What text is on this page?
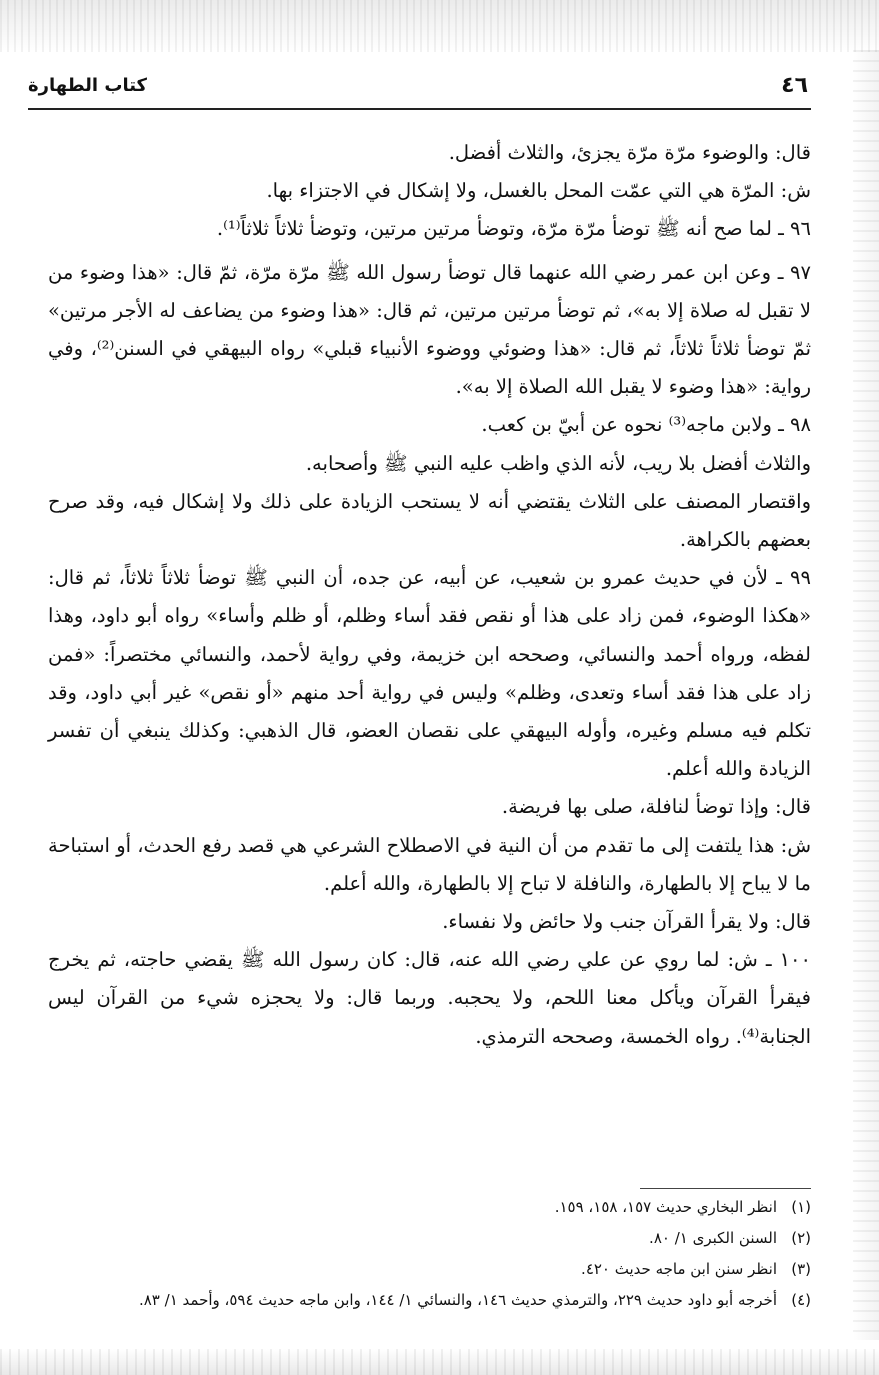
٤٦
كتاب الطهارة

قال: والوضوء مرّة مرّة يجزئ، والثلاث أفضل.

ش: المرّة هي التي عمّت المحل بالغسل، ولا إشكال في الاجتزاء بها.

٩٦ ـ لما صح أنه ﷺ توضأ مرّة مرّة، وتوضأ مرتين مرتين، وتوضأ ثلاثاً ثلاثاً⁽¹⁾.

٩٧ ـ وعن ابن عمر رضي الله عنهما قال توضأ رسول الله ﷺ مرّة مرّة، ثمّ قال: «هذا وضوء من لا تقبل له صلاة إلا به»، ثم توضأ مرتين مرتين، ثم قال: «هذا وضوء من يضاعف له الأجر مرتين» ثمّ توضأ ثلاثاً ثلاثاً، ثم قال: «هذا وضوئي ووضوء الأنبياء قبلي» رواه البيهقي في السنن⁽²⁾، وفي رواية: «هذا وضوء لا يقبل الله الصلاة إلا به».

٩٨ ـ ولابن ماجه⁽³⁾ نحوه عن أبيّ بن كعب.

والثلاث أفضل بلا ريب، لأنه الذي واظب عليه النبي ﷺ وأصحابه.

واقتصار المصنف على الثلاث يقتضي أنه لا يستحب الزيادة على ذلك ولا إشكال فيه، وقد صرح بعضهم بالكراهة.

٩٩ ـ لأن في حديث عمرو بن شعيب، عن أبيه، عن جده، أن النبي ﷺ توضأ ثلاثاً ثلاثاً، ثم قال: «هكذا الوضوء، فمن زاد على هذا أو نقص فقد أساء وظلم، أو ظلم وأساء» رواه أبو داود، وهذا لفظه، ورواه أحمد والنسائي، وصححه ابن خزيمة، وفي رواية لأحمد، والنسائي مختصراً: «فمن زاد على هذا فقد أساء وتعدى، وظلم» وليس في رواية أحد منهم «أو نقص» غير أبي داود، وقد تكلم فيه مسلم وغيره، وأوله البيهقي على نقصان العضو، قال الذهبي: وكذلك ينبغي أن تفسر الزيادة والله أعلم.

قال: وإذا توضأ لنافلة، صلى بها فريضة.

ش: هذا يلتفت إلى ما تقدم من أن النية في الاصطلاح الشرعي هي قصد رفع الحدث، أو استباحة ما لا يباح إلا بالطهارة، والنافلة لا تباح إلا بالطهارة، والله أعلم.

قال: ولا يقرأ القرآن جنب ولا حائض ولا نفساء.

١٠٠ ـ ش: لما روي عن علي رضي الله عنه، قال: كان رسول الله ﷺ يقضي حاجته، ثم يخرج فيقرأ القرآن ويأكل معنا اللحم، ولا يحجبه. وربما قال: ولا يحجزه شيء من القرآن ليس الجنابة⁽⁴⁾. رواه الخمسة، وصححه الترمذي.

(١)
انظر البخاري حديث ١٥٧، ١٥٨، ١٥٩.
(٢)
السنن الكبرى ١/ ٨٠.
(٣)
انظر سنن ابن ماجه حديث ٤٢٠.
(٤)
أخرجه أبو داود حديث ٢٢٩، والترمذي حديث ١٤٦، والنسائي ١/ ١٤٤، وابن ماجه حديث ٥٩٤، وأحمد ١/ ٨٣.
